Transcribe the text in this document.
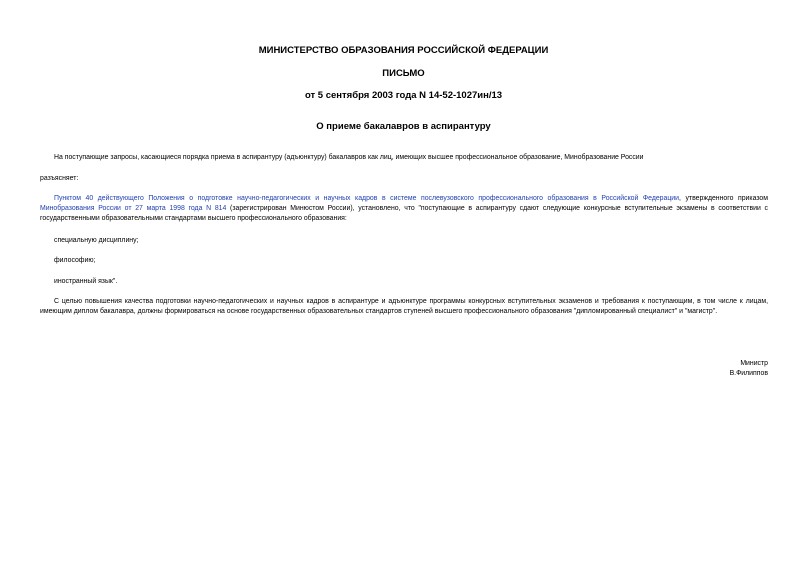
МИНИСТЕРСТВО ОБРАЗОВАНИЯ РОССИЙСКОЙ ФЕДЕРАЦИИ
ПИСЬМО
от 5 сентября 2003 года N 14-52-1027ин/13
О приеме бакалавров в аспирантуру
На поступающие запросы, касающиеся порядка приема в аспирантуру (адъюнктуру) бакалавров как лиц, имеющих высшее профессиональное образование, Минобразование России
разъясняет:
Пунктом 40 действующего Положения о подготовке научно-педагогических и научных кадров в системе послевузовского профессионального образования в Российской Федерации, утвержденного приказом Минобразования России от 27 марта 1998 года N 814 (зарегистрирован Минюстом России), установлено, что "поступающие в аспирантуру сдают следующие конкурсные вступительные экзамены в соответствии с государственными образовательными стандартами высшего профессионального образования:
специальную дисциплину;
философию;
иностранный язык".
С целью повышения качества подготовки научно-педагогических и научных кадров в аспирантуре и адъюнктуре программы конкурсных вступительных экзаменов и требования к поступающим, в том числе к лицам, имеющим диплом бакалавра, должны формироваться на основе государственных образовательных стандартов ступеней высшего профессионального образования "дипломированный специалист" и "магистр".
Министр
В.Филиппов
